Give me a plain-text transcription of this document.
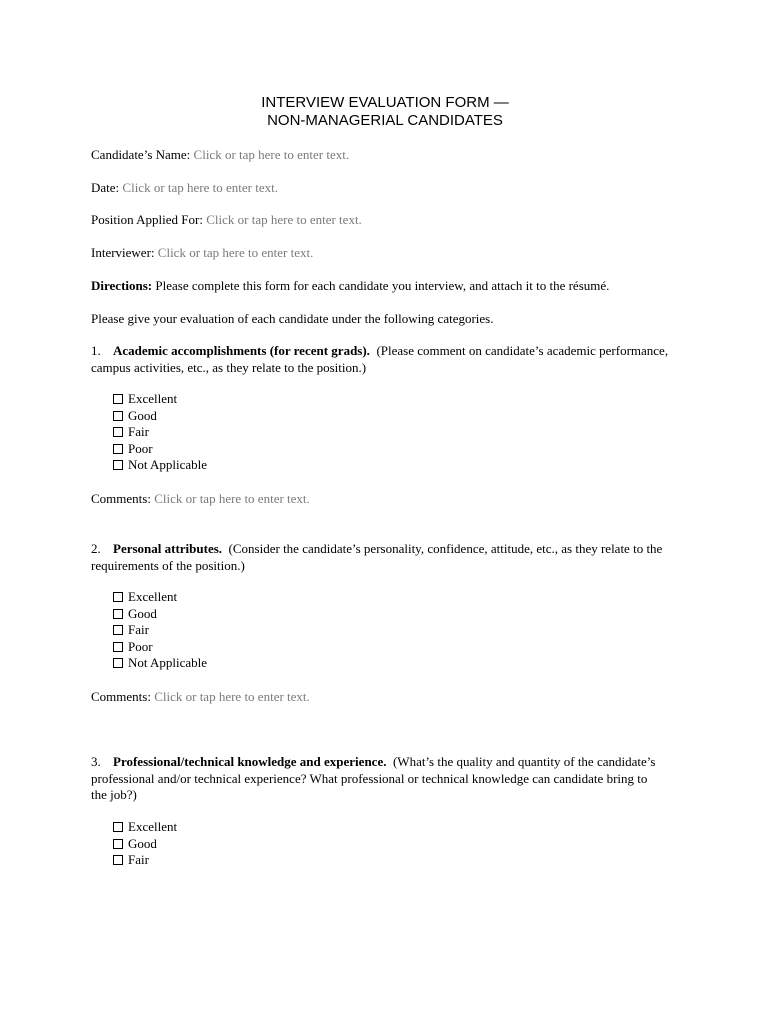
INTERVIEW EVALUATION FORM —
NON-MANAGERIAL CANDIDATES
Candidate’s Name: Click or tap here to enter text.
Date: Click or tap here to enter text.
Position Applied For: Click or tap here to enter text.
Interviewer: Click or tap here to enter text.
Directions: Please complete this form for each candidate you interview, and attach it to the résumé.
Please give your evaluation of each candidate under the following categories.
1. Academic accomplishments (for recent grads). (Please comment on candidate’s academic performance, campus activities, etc., as they relate to the position.)
Excellent
Good
Fair
Poor
Not Applicable
Comments: Click or tap here to enter text.
2. Personal attributes. (Consider the candidate’s personality, confidence, attitude, etc., as they relate to the requirements of the position.)
Excellent
Good
Fair
Poor
Not Applicable
Comments: Click or tap here to enter text.
3. Professional/technical knowledge and experience. (What’s the quality and quantity of the candidate’s professional and/or technical experience? What professional or technical knowledge can candidate bring to the job?)
Excellent
Good
Fair
